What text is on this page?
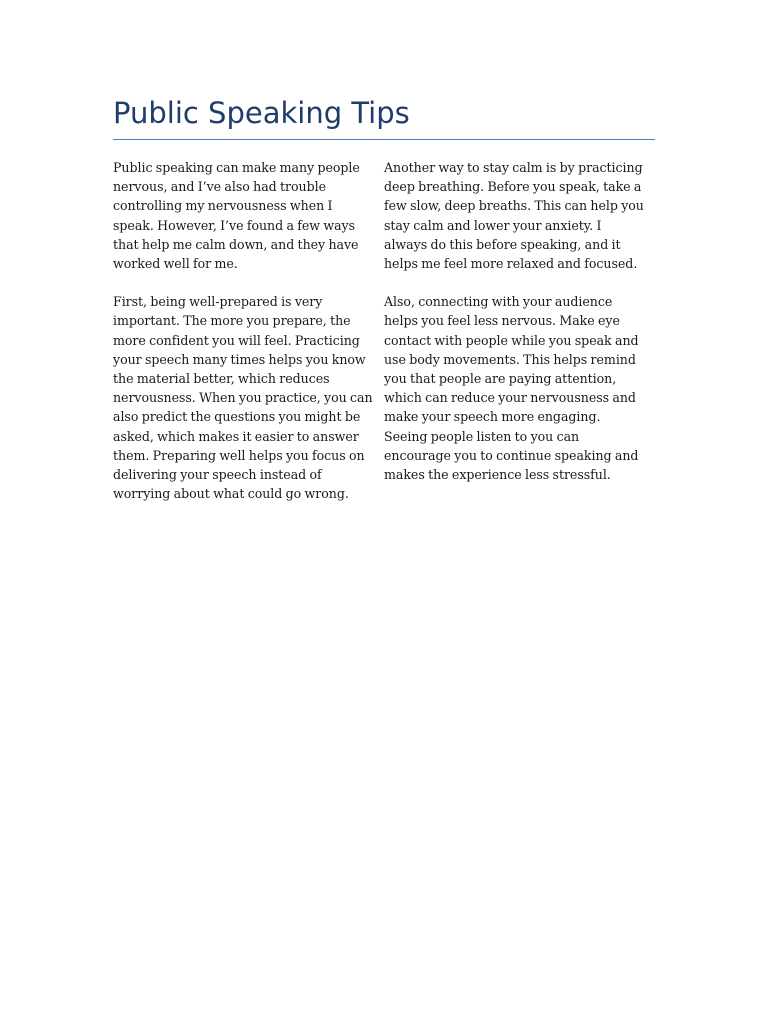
Public Speaking Tips

Public speaking can make many people nervous, and I’ve also had trouble controlling my nervousness when I speak. However, I’ve found a few ways that help me calm down, and they have worked well for me.

First, being well-prepared is very important. The more you prepare, the more confident you will feel. Practicing your speech many times helps you know the material better, which reduces nervousness. When you practice, you can also predict the questions you might be asked, which makes it easier to answer them. Preparing well helps you focus on delivering your speech instead of worrying about what could go wrong.

Another way to stay calm is by practicing deep breathing. Before you speak, take a few slow, deep breaths. This can help you stay calm and lower your anxiety. I always do this before speaking, and it helps me feel more relaxed and focused.

Also, connecting with your audience helps you feel less nervous. Make eye contact with people while you speak and use body movements. This helps remind you that people are paying attention, which can reduce your nervousness and make your speech more engaging. Seeing people listen to you can encourage you to continue speaking and makes the experience less stressful.
